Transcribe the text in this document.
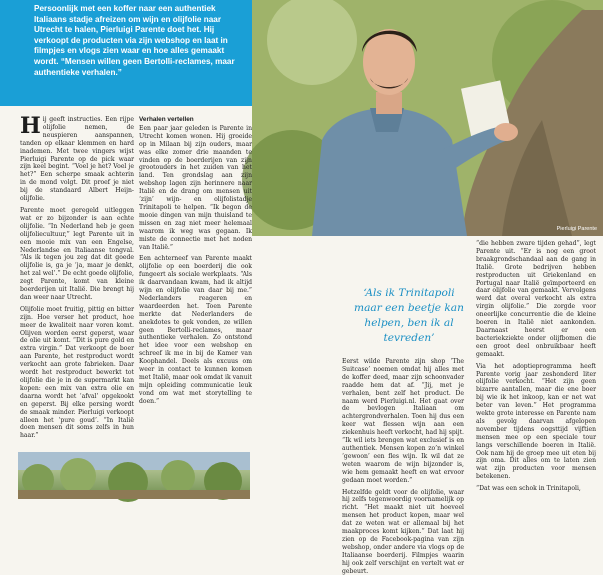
Persoonlijk met een koffer naar een authentiek Italiaans stadje afreizen om wijn en olijfolie naar Utrecht te halen, Pierluigi Parente doet het. Hij verkoopt de producten via zijn webshop en laat in filmpjes en vlogs zien waar en hoe alles gemaakt wordt. “Mensen willen geen Bertolli-reclames, maar authentieke verhalen.”

Pierluigi Parente

Hij geeft instructies. Een rijpe olijfolie nemen, de neuspieren aanspannen, tanden op elkaar klemmen en hard inademen. Met twee vingers wijst Pierluigi Parente op de pick waar zijn keel begint. “Voel je het? Voel je het?” Een scherpe smaak achterin in de mond volgt. Dit proef je niet bij de standaard Albert Heijn-olijfolie.

Parente moet geregeld uitleggen wat er zo bijzonder is aan echte olijfolie. “In Nederland heb je geen olijfoliecultuur,” legt Parente uit in een mooie mix van een Engelse, Nederlandse en Italiaanse tongval. “Als ik tegen jou zeg dat dit goede olijfolie is, ga je ‘ja, maar je denkt, het zal wel’.” De echt goede olijfolie, zegt Parente, komt van kleine boerderijen uit Italië. Die brengt hij dan weer naar Utrecht.

Olijfolie moet fruitig, pittig en bitter zijn. Hoe verser het product, hoe meer de kwaliteit naar voren komt. Olijven worden eerst geperst, waar de olie uit komt. “Dit is pure gold en extra virgin.” Dat verkoopt de boer aan Parente, het restproduct wordt verkocht aan grote fabrieken. Daar wordt het restproduct bewerkt tot olijfolie die je in de supermarkt kan kopen: een mix van extra olie en daarna wordt het ‘afval’ opgekookt en geperst. Bij elke persing wordt de smaak minder. Pierluigi verkoopt alleen het ‘pure goud’. “In Italië doen mensen dit soms zelfs in hun haar.”

Verhalen vertellen

Een paar jaar geleden is Parente in Utrecht komen wonen. Hij groeide op in Milaan bij zijn ouders, maar was elke zomer drie maanden te vinden op de boerderijen van zijn grootouders in het zuiden van het land. Ten grondslag aan zijn webshop lagen zijn herinnere naar Italië en de drang om mensen uit ‘zijn’ wijn- en olijfolistadje Trinitapoli te helpen. “Ik begon de mooie dingen van mijn thuisland te missen en zag niet meer helemaal waarom ik weg was gegaan. Ik miste de connectie met het noden van Italië.”

Een achterneef van Parente maakt olijfolie op een boerderij die ook fungeert als sociale werkplaats. “Als ik daarvandaan kwam, had ik altijd wijn en olijfolie van daar bij me.” Nederlanders reageren en waardeerden het. Toen Parente merkte dat Nederlanders de anekdotes te gek vonden, ze willen geen Bertolli-reclames, maar authentieke verhalen. Zo ontstond het idee voor een webshop en schreef ik me in bij de Kamer van Koophandel. Deels als excuus om weer in contact te kunnen komen met Italië, maar ook omdat ik vanuit mijn opleiding communicatie leuk vond om wat met storytelling te doen.”

‘Als ik Trinitapoli maar een beetje kan helpen, ben ik al tevreden’

Eerst wilde Parente zijn shop ‘The Suitcase’ noemen omdat hij alles met de koffer deed, maar zijn schoonvader raadde hem dat af. “Jij, met je verhalen, bent zelf het product. De naam werd Pierluigi.nl. Het gaat over de bevlogen Italiaan om achtergrondverhalen. Toen hij dus een keer wat flessen wijn aan een ziekenhuis heeft verkocht, had hij spijt. “Ik wil iets brengen wat exclusief is en authentiek. Mensen kopen zo’n winkel ‘gewoon’ een fles wijn. Ik wil dat ze weten waarom de wijn bijzonder is, wie hem gemaakt heeft en wat ervoor gedaan moet worden.”

Hetzelfde geldt voor de olijfolie, waar hij zelfs tegenwoordig voornamelijk op richt. “Het maakt niet uit hoeveel mensen het product kopen, maar wel dat ze weten wat er allemaal bij het maakproces komt kijken.” Dat laat hij zien op de Facebook-pagina van zijn webshop, onder andere via vlogs op de Italiaanse boerderij. Filmpjes waarin hij ook zelf verschijnt en vertelt wat er gebeurt.

“die hebben zware tijden gehad”, legt Parente uit. “Er is nog een groot braakgrondschandaal aan de gang in Italië. Grote bedrijven hebben restproducten uit Griekenland en Portugal naar Italië geïmporteerd en daar olijfolie van gemaakt. Vervolgens werd dat overal verkocht als extra virgin olijfolie.” Die zorgde voor oneerlijke concurrentie die de kleine boeren in Italië niet aankonden. Daarnaast heerst er een bacteriekziekte onder olijfbomen die een groot deel onbruikbaar heeft gemaakt.

Via het adoptieprogramma heeft Parente vorig jaar zeshonderd liter olijfolie verkocht. “Het zijn geen bizarre aantallen, maar die ene boer bij wie ik het inkoop, kan er net wat beter van leven.” Het programma wekte grote interesse en Parente nam als gevolg daarvan afgelopen november tijdens oogsttijd vijftien mensen mee op een speciale tour langs verschillende boeren in Italië. Ook nam hij de groep mee uit eten bij zijn oma. Dit alles om te laten zien wat zijn producten voor mensen betekenen.

“Dat was een schok in Trinitapoli,
